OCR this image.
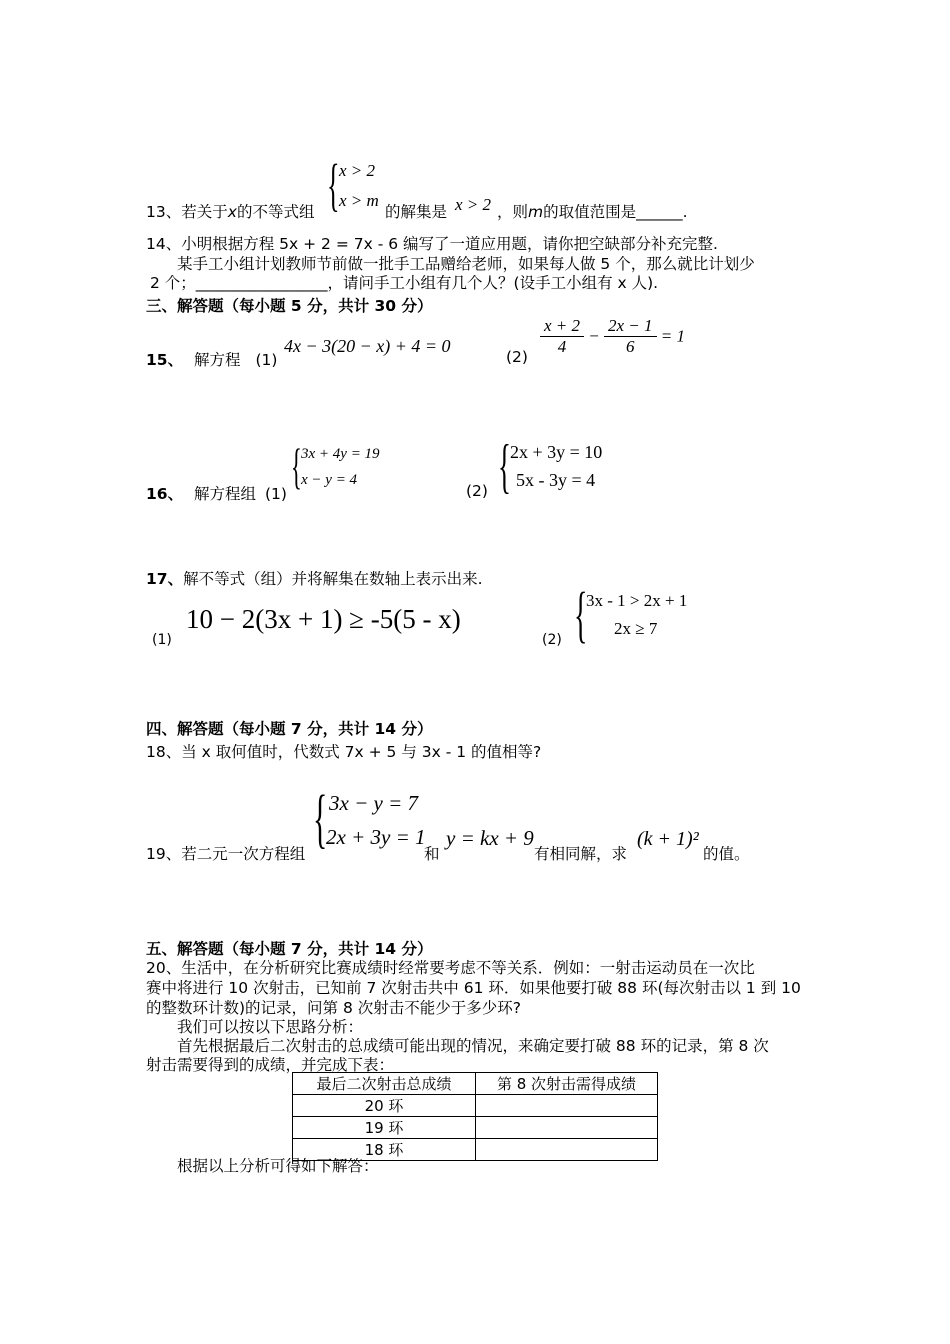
{ x > 2
x > m
13、若关于x的不等式组	的解集是 x > 2 ，则m的取值范围是______.
14、小明根据方程 5x + 2 = 7x - 6 编写了一道应用题，请你把空缺部分补充完整.
某手工小组计划教师节前做一批手工品赠给老师，如果每人做 5 个，那么就比计划少
2 个；_________________，请问手工小组有几个人？(设手工小组有 x 人).
三、解答题（每小题 5 分，共计 30 分）
15、 解方程 (1)
4x − 3(20 − x) + 4 = 0
$(2) \frac{x + 2}{4} - \frac{2x - 1}{6} = 1$
16、 解方程组 (1) { 3x + 4y = 19
x − y = 4
(2) { 2x + 3y = 10
5x - 3y = 4
17、解不等式（组）并将解集在数轴上表示出来.
(1)
10 − 2(3x + 1) ≥ -5(5 - x)
(2) {
3x - 1 > 2x + 1
2x ≥ 7
四、解答题（每小题 7 分，共计 14 分）
18、当 x 取何值时，代数式 7x + 5 与 3x - 1 的值相等?
{ 3x − y = 7
2x + 3y = 1
19、若二元一次方程组	和
y = kx + 9
有相同解，求
(k + 1)²
的值。
五、解答题（每小题 7 分，共计 14 分）
20、生活中，在分析研究比赛成绩时经常要考虑不等关系．例如：一射击运动员在一次比
赛中将进行 10 次射击，已知前 7 次射击共中 61 环．如果他要打破 88 环(每次射击以 1 到 10
的整数环计数)的记录，问第 8 次射击不能少于多少环?
我们可以按以下思路分析：
首先根据最后二次射击的总成绩可能出现的情况，来确定要打破 88 环的记录，第 8 次
射击需要得到的成绩，并完成下表：
最后二次射击总成绩	第 8 次射击需得成绩
20 环	
19 环	
18 环	
根据以上分析可得如下解答：
